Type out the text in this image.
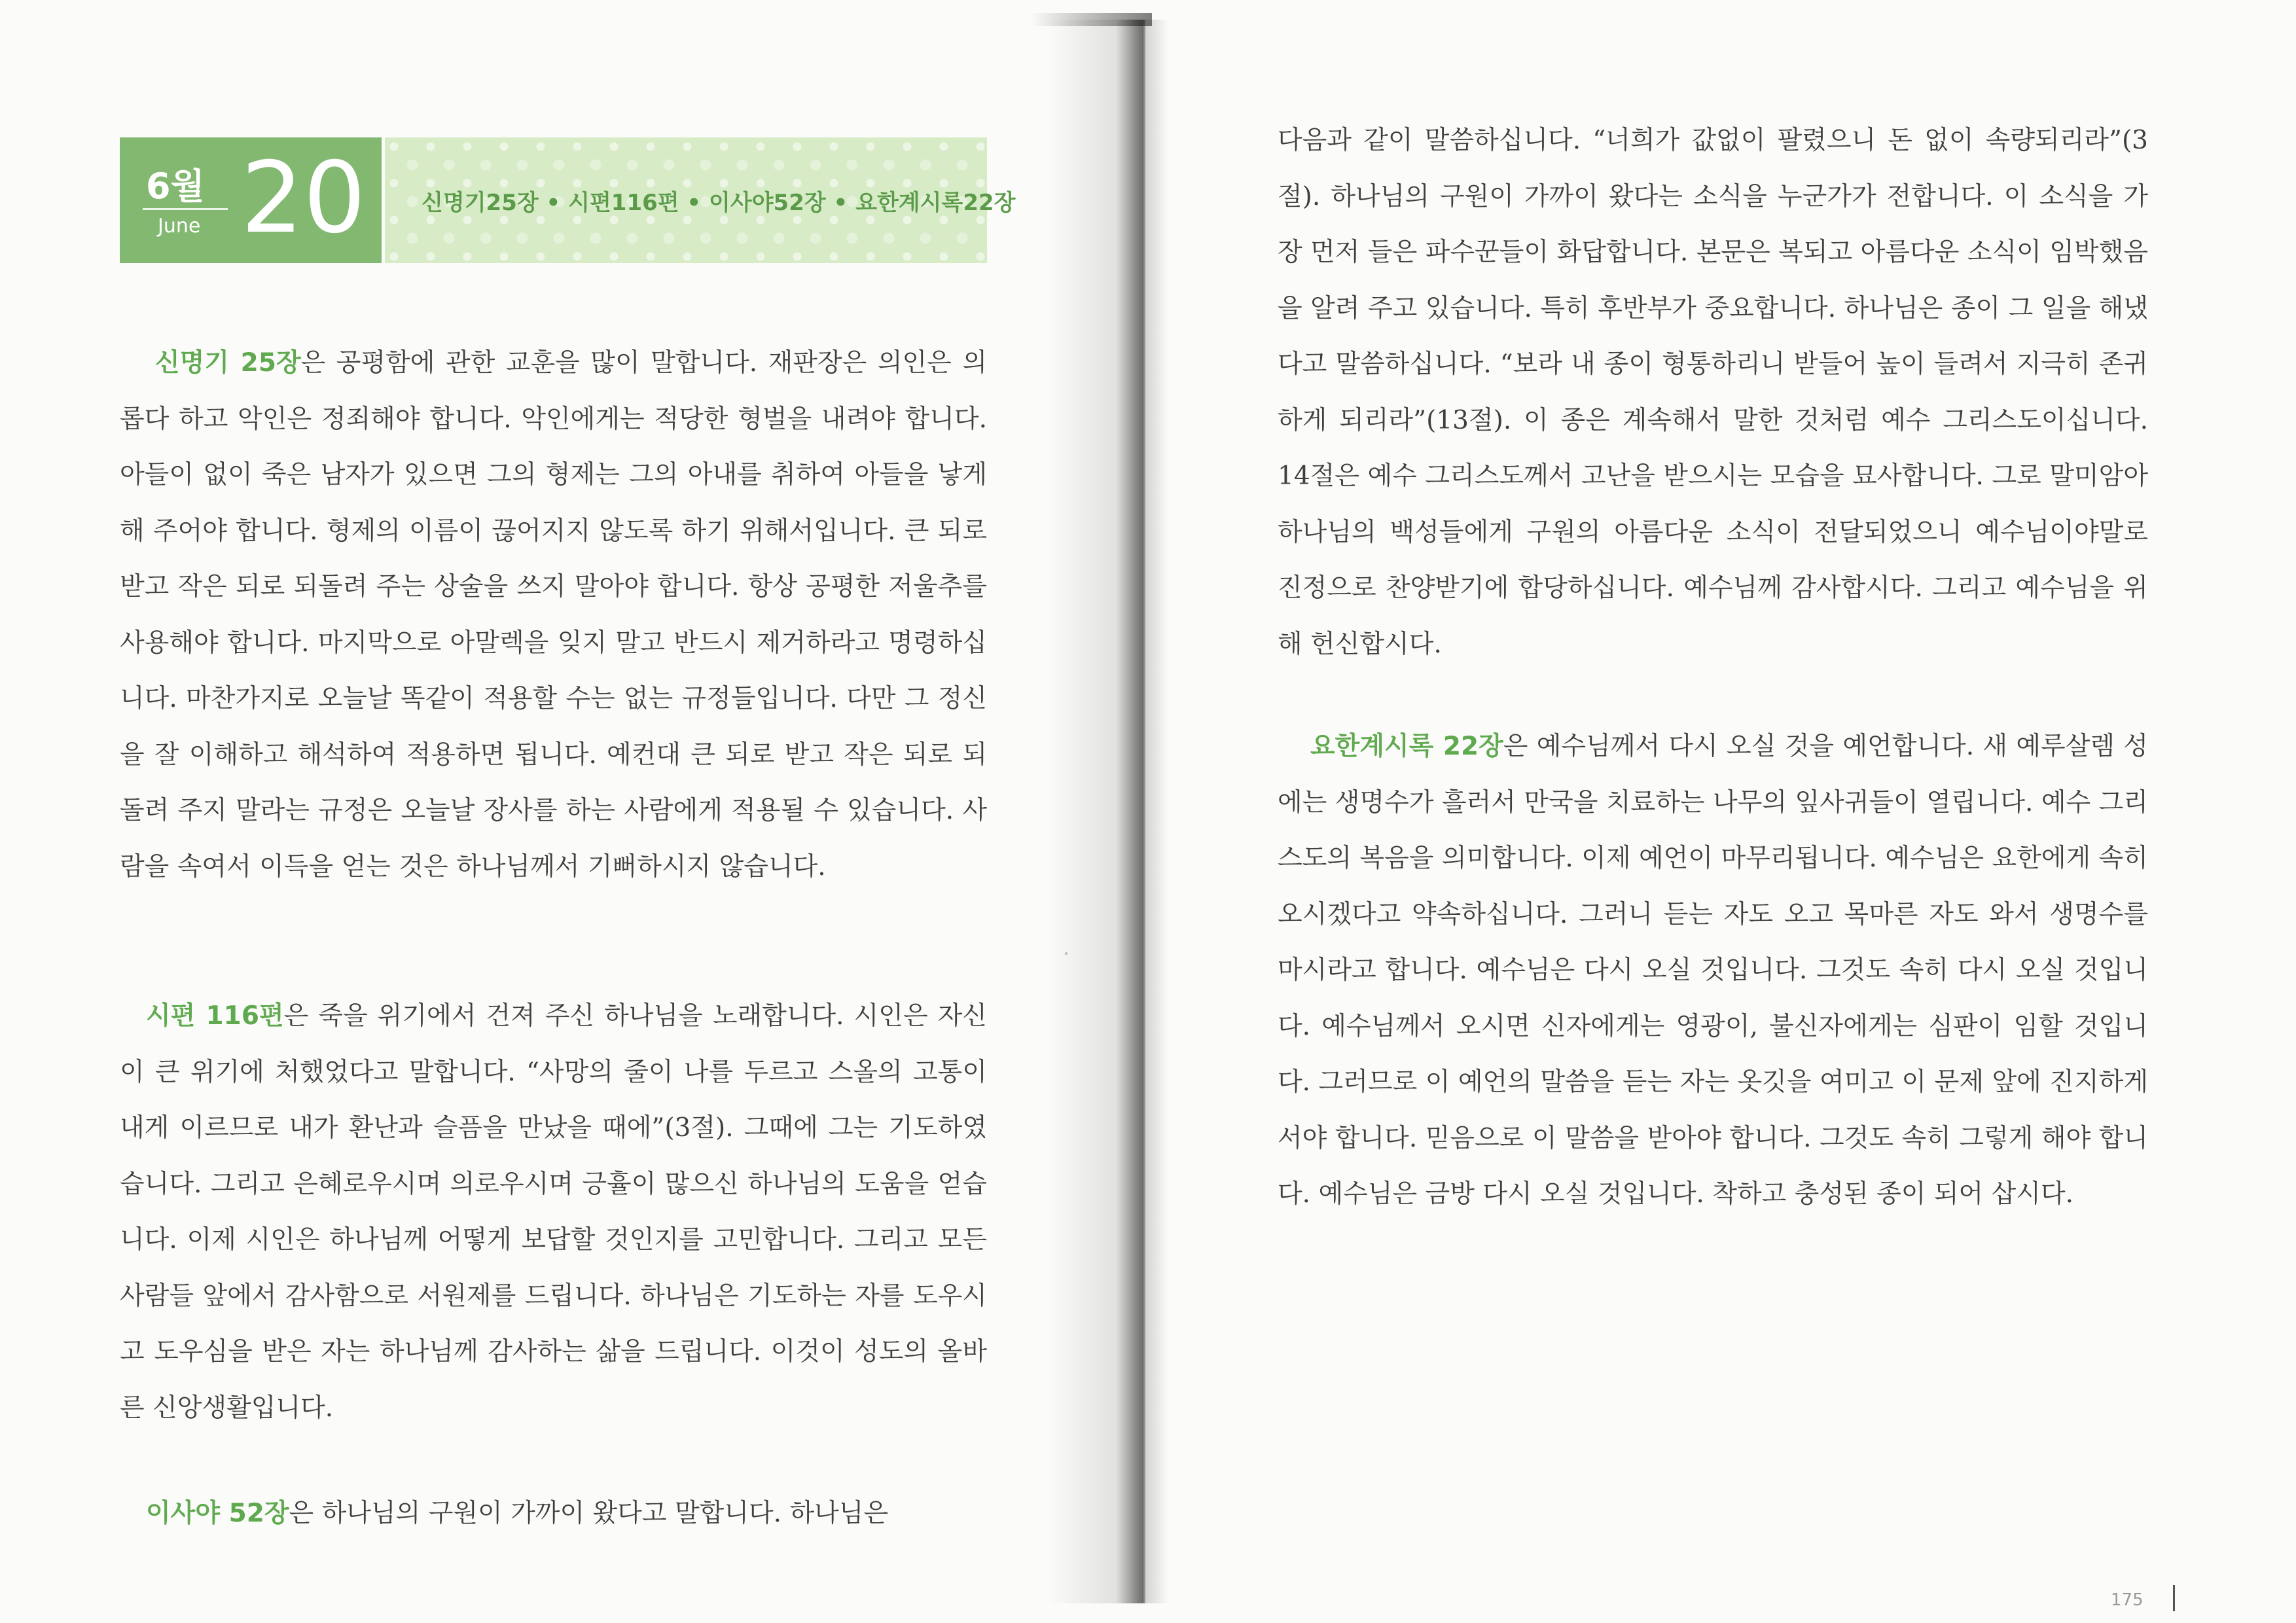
6월
June 20	신명기25장 • 시편116편 • 이사야52장 • 요한계시록22장

신명기 25장은 공평함에 관한 교훈을 많이 말합니다. 재판장은 의인은 의롭다 하고 악인은 정죄해야 합니다. 악인에게는 적당한 형벌을 내려야 합니다. 아들이 없이 죽은 남자가 있으면 그의 형제는 그의 아내를 취하여 아들을 낳게 해 주어야 합니다. 형제의 이름이 끊어지지 않도록 하기 위해서입니다. 큰 되로 받고 작은 되로 되돌려 주는 상술을 쓰지 말아야 합니다. 항상 공평한 저울추를 사용해야 합니다. 마지막으로 아말렉을 잊지 말고 반드시 제거하라고 명령하십니다. 마찬가지로 오늘날 똑같이 적용할 수는 없는 규정들입니다. 다만 그 정신을 잘 이해하고 해석하여 적용하면 됩니다. 예컨대 큰 되로 받고 작은 되로 되돌려 주지 말라는 규정은 오늘날 장사를 하는 사람에게 적용될 수 있습니다. 사람을 속여서 이득을 얻는 것은 하나님께서 기뻐하시지 않습니다.

시편 116편은 죽을 위기에서 건져 주신 하나님을 노래합니다. 시인은 자신이 큰 위기에 처했었다고 말합니다. “사망의 줄이 나를 두르고 스올의 고통이 내게 이르므로 내가 환난과 슬픔을 만났을 때에”(3절). 그때에 그는 기도하였습니다. 그리고 은혜로우시며 의로우시며 긍휼이 많으신 하나님의 도움을 얻습니다. 이제 시인은 하나님께 어떻게 보답할 것인지를 고민합니다. 그리고 모든 사람들 앞에서 감사함으로 서원제를 드립니다. 하나님은 기도하는 자를 도우시고 도우심을 받은 자는 하나님께 감사하는 삶을 드립니다. 이것이 성도의 올바른 신앙생활입니다.

이사야 52장은 하나님의 구원이 가까이 왔다고 말합니다. 하나님은

다음과 같이 말씀하십니다. “너희가 값없이 팔렸으니 돈 없이 속량되리라”(3절). 하나님의 구원이 가까이 왔다는 소식을 누군가가 전합니다. 이 소식을 가장 먼저 들은 파수꾼들이 화답합니다. 본문은 복되고 아름다운 소식이 임박했음을 알려 주고 있습니다. 특히 후반부가 중요합니다. 하나님은 종이 그 일을 해냈다고 말씀하십니다. “보라 내 종이 형통하리니 받들어 높이 들려서 지극히 존귀하게 되리라”(13절). 이 종은 계속해서 말한 것처럼 예수 그리스도이십니다. 14절은 예수 그리스도께서 고난을 받으시는 모습을 묘사합니다. 그로 말미암아 하나님의 백성들에게 구원의 아름다운 소식이 전달되었으니 예수님이야말로 진정으로 찬양받기에 합당하십니다. 예수님께 감사합시다. 그리고 예수님을 위해 헌신합시다.

요한계시록 22장은 예수님께서 다시 오실 것을 예언합니다. 새 예루살렘 성에는 생명수가 흘러서 만국을 치료하는 나무의 잎사귀들이 열립니다. 예수 그리스도의 복음을 의미합니다. 이제 예언이 마무리됩니다. 예수님은 요한에게 속히 오시겠다고 약속하십니다. 그러니 듣는 자도 오고 목마른 자도 와서 생명수를 마시라고 합니다. 예수님은 다시 오실 것입니다. 그것도 속히 다시 오실 것입니다. 예수님께서 오시면 신자에게는 영광이, 불신자에게는 심판이 임할 것입니다. 그러므로 이 예언의 말씀을 듣는 자는 옷깃을 여미고 이 문제 앞에 진지하게 서야 합니다. 믿음으로 이 말씀을 받아야 합니다. 그것도 속히 그렇게 해야 합니다. 예수님은 금방 다시 오실 것입니다. 착하고 충성된 종이 되어 삽시다.

175
